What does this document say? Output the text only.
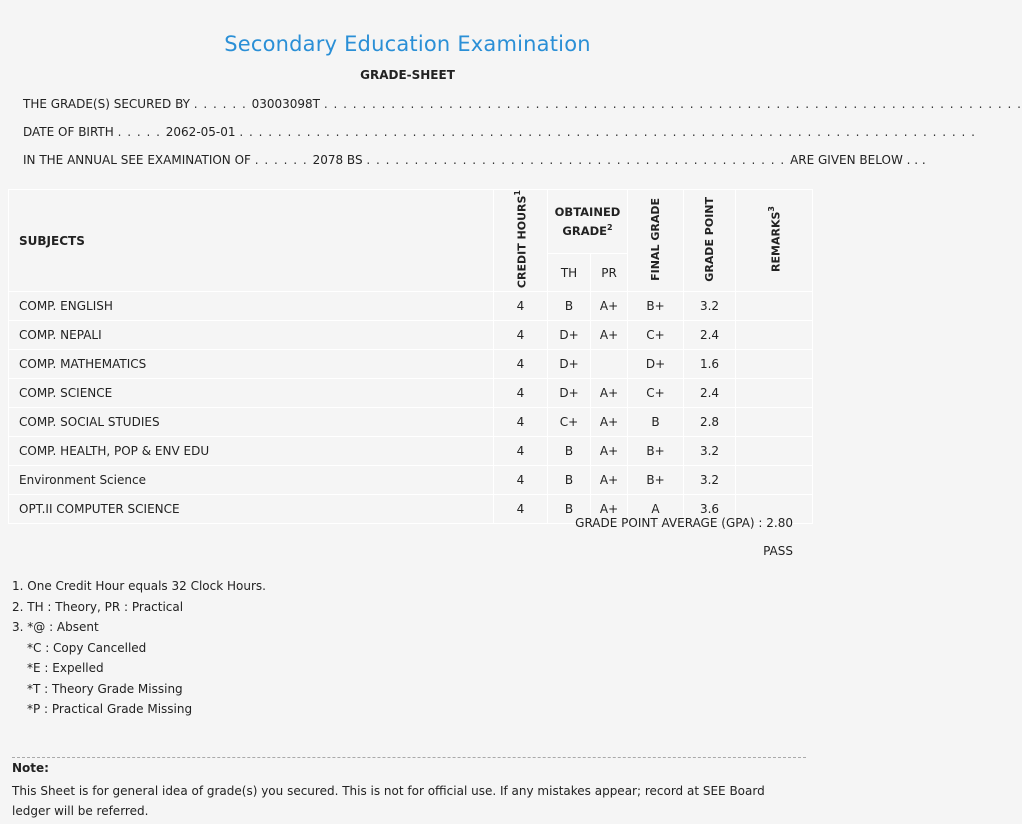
Secondary Education Examination
GRADE-SHEET
THE GRADE(S) SECURED BY . . . . . . 03003098T . . . . . . . . . . . . . . . . . . . . . . . . . . . . . . . . . . . . . . . . . . . . . . . . . . . . . . . . . . . . . . . . . . . . . . . . .
DATE OF BIRTH . . . . . 2062-05-01 . . . . . . . . . . . . . . . . . . . . . . . . . . . . . . . . . . . . . . . . . . . . . . . . . . . . . . . . . . . . . . . . . . . . . . . . . . . . .
IN THE ANNUAL SEE EXAMINATION OF . . . . . . 2078 BS . . . . . . . . . . . . . . . . . . . . . . . . . . . . . . . . . . . . . . . . . . . . ARE GIVEN BELOW . . .
SUBJECTS	CREDIT HOURS$^1$	OBTAINED GRADE$^2$		FINAL GRADE	GRADE POINT	REMARKS$^3$
		TH	PR			
COMP. ENGLISH	4	B	A+	B+	3.2	
COMP. NEPALI	4	D+	A+	C+	2.4	
COMP. MATHEMATICS	4	D+		D+	1.6	
COMP. SCIENCE	4	D+	A+	C+	2.4	
COMP. SOCIAL STUDIES	4	C+	A+	B	2.8	
COMP. HEALTH, POP & ENV EDU	4	B	A+	B+	3.2	
Environment Science	4	B	A+	B+	3.2	
OPT.II COMPUTER SCIENCE	4	B	A+	A	3.6	
GRADE POINT AVERAGE (GPA) : 2.80
PASS
1. One Credit Hour equals 32 Clock Hours.
2. TH : Theory, PR : Practical
3. *@ : Absent
*C : Copy Cancelled
*E : Expelled
*T : Theory Grade Missing
*P : Practical Grade Missing
Note:
This Sheet is for general idea of grade(s) you secured. This is not for official use. If any mistakes appear; record at SEE Board ledger will be referred.
